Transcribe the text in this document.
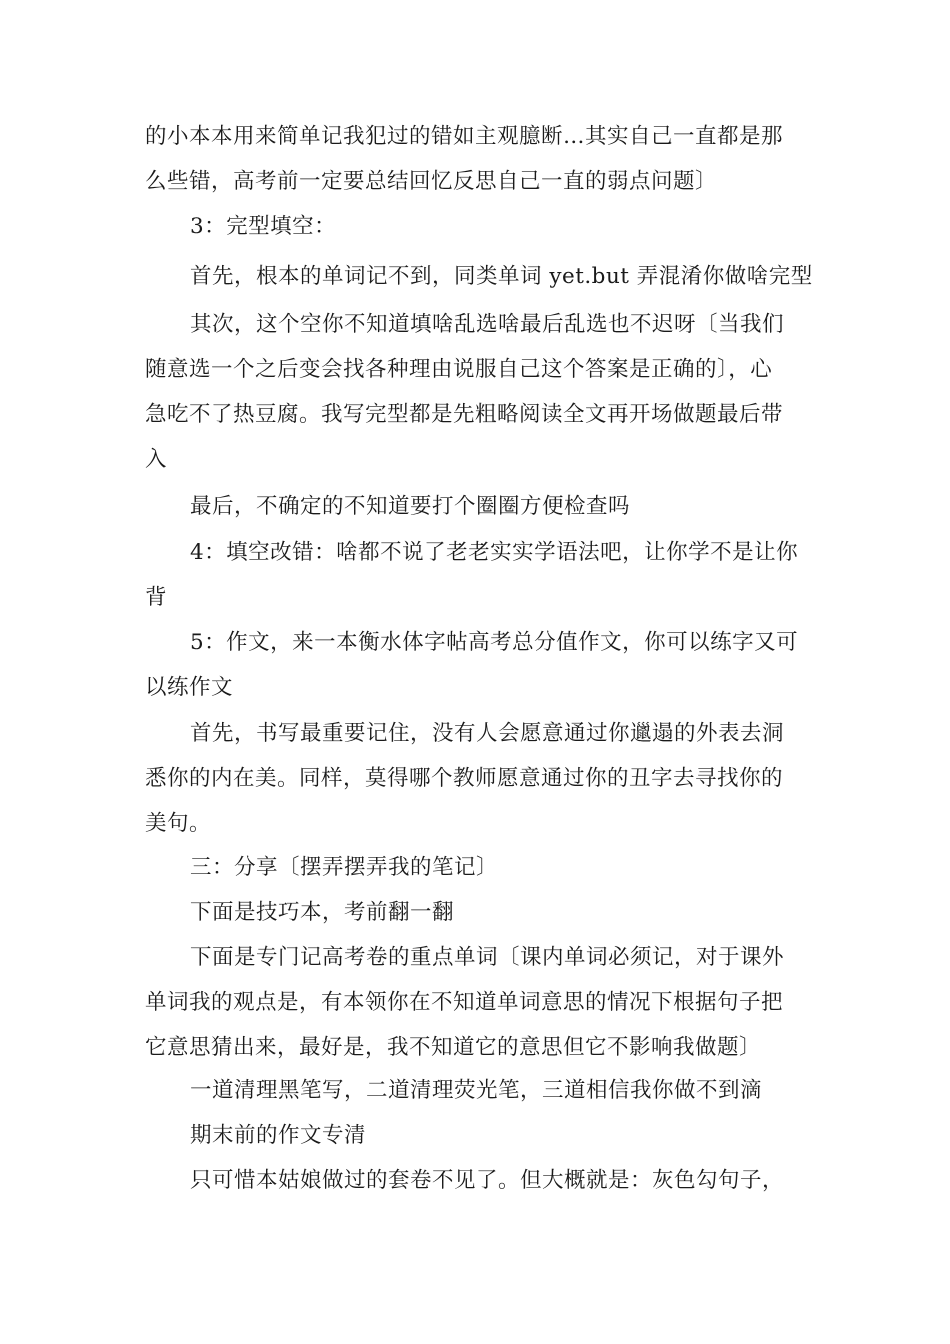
的小本本用来简单记我犯过的错如主观臆断…其实自己一直都是那
么些错，高考前一定要总结回忆反思自己一直的弱点问题〕
3：完型填空：
首先，根本的单词记不到，同类单词 yet.but 弄混淆你做啥完型
其次，这个空你不知道填啥乱选啥最后乱选也不迟呀〔当我们
随意选一个之后变会找各种理由说服自己这个答案是正确的〕，心
急吃不了热豆腐。我写完型都是先粗略阅读全文再开场做题最后带
入
最后，不确定的不知道要打个圈圈方便检查吗
4：填空改错：啥都不说了老老实实学语法吧，让你学不是让你
背
5：作文，来一本衡水体字帖高考总分值作文，你可以练字又可
以练作文
首先，书写最重要记住，没有人会愿意通过你邋遢的外表去洞
悉你的内在美。同样，莫得哪个教师愿意通过你的丑字去寻找你的
美句。
三：分享〔摆弄摆弄我的笔记〕
下面是技巧本，考前翻一翻
下面是专门记高考卷的重点单词〔课内单词必须记，对于课外
单词我的观点是，有本领你在不知道单词意思的情况下根据句子把
它意思猜出来，最好是，我不知道它的意思但它不影响我做题〕
一道清理黑笔写，二道清理荧光笔，三道相信我你做不到滴
期末前的作文专清
只可惜本姑娘做过的套卷不见了。但大概就是：灰色勾句子，
